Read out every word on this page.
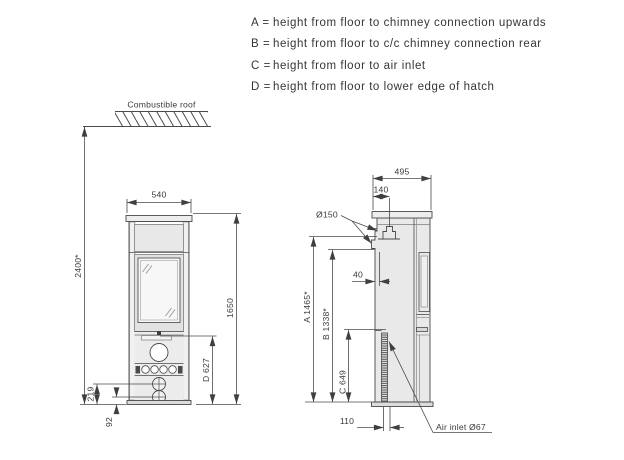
A = height from floor to chimney connection upwards
B = height from floor to c/c chimney connection rear
C = height from floor to air inlet
D = height from floor to lower edge of hatch
Combustible roof
540
2400*
1650
D 627
219
92
495
140
Ø150
40
A 1465*
B 1338*
C 649
110
Air inlet Ø67
